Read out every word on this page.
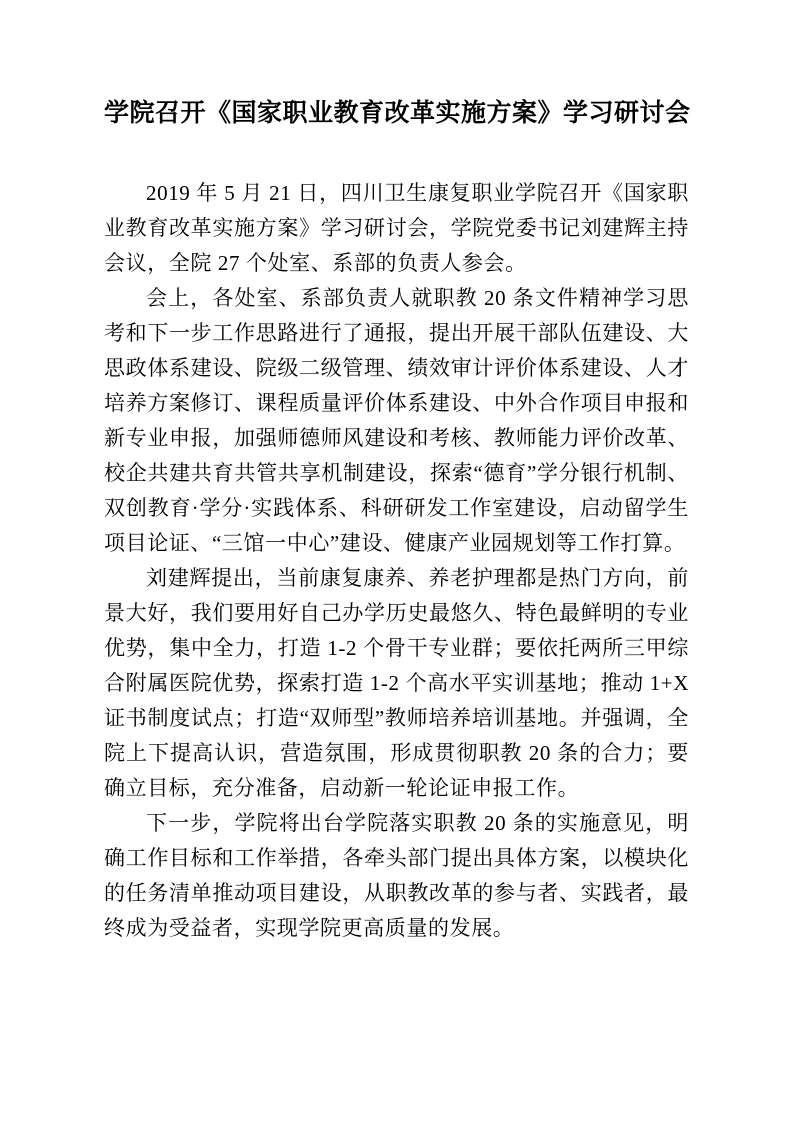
学院召开《国家职业教育改革实施方案》学习研讨会

2019 年 5 月 21 日，四川卫生康复职业学院召开《国家职业教育改革实施方案》学习研讨会，学院党委书记刘建辉主持会议，全院 27 个处室、系部的负责人参会。

会上，各处室、系部负责人就职教 20 条文件精神学习思考和下一步工作思路进行了通报，提出开展干部队伍建设、大思政体系建设、院级二级管理、绩效审计评价体系建设、人才培养方案修订、课程质量评价体系建设、中外合作项目申报和新专业申报，加强师德师风建设和考核、教师能力评价改革、校企共建共育共管共享机制建设，探索“德育”学分银行机制、双创教育·学分·实践体系、科研研发工作室建设，启动留学生项目论证、“三馆一中心”建设、健康产业园规划等工作打算。

刘建辉提出，当前康复康养、养老护理都是热门方向，前景大好，我们要用好自己办学历史最悠久、特色最鲜明的专业优势，集中全力，打造 1-2 个骨干专业群；要依托两所三甲综合附属医院优势，探索打造 1-2 个高水平实训基地；推动 1+X 证书制度试点；打造“双师型”教师培养培训基地。并强调，全院上下提高认识，营造氛围，形成贯彻职教 20 条的合力；要确立目标，充分准备，启动新一轮论证申报工作。

下一步，学院将出台学院落实职教 20 条的实施意见，明确工作目标和工作举措，各牵头部门提出具体方案，以模块化的任务清单推动项目建设，从职教改革的参与者、实践者，最终成为受益者，实现学院更高质量的发展。
